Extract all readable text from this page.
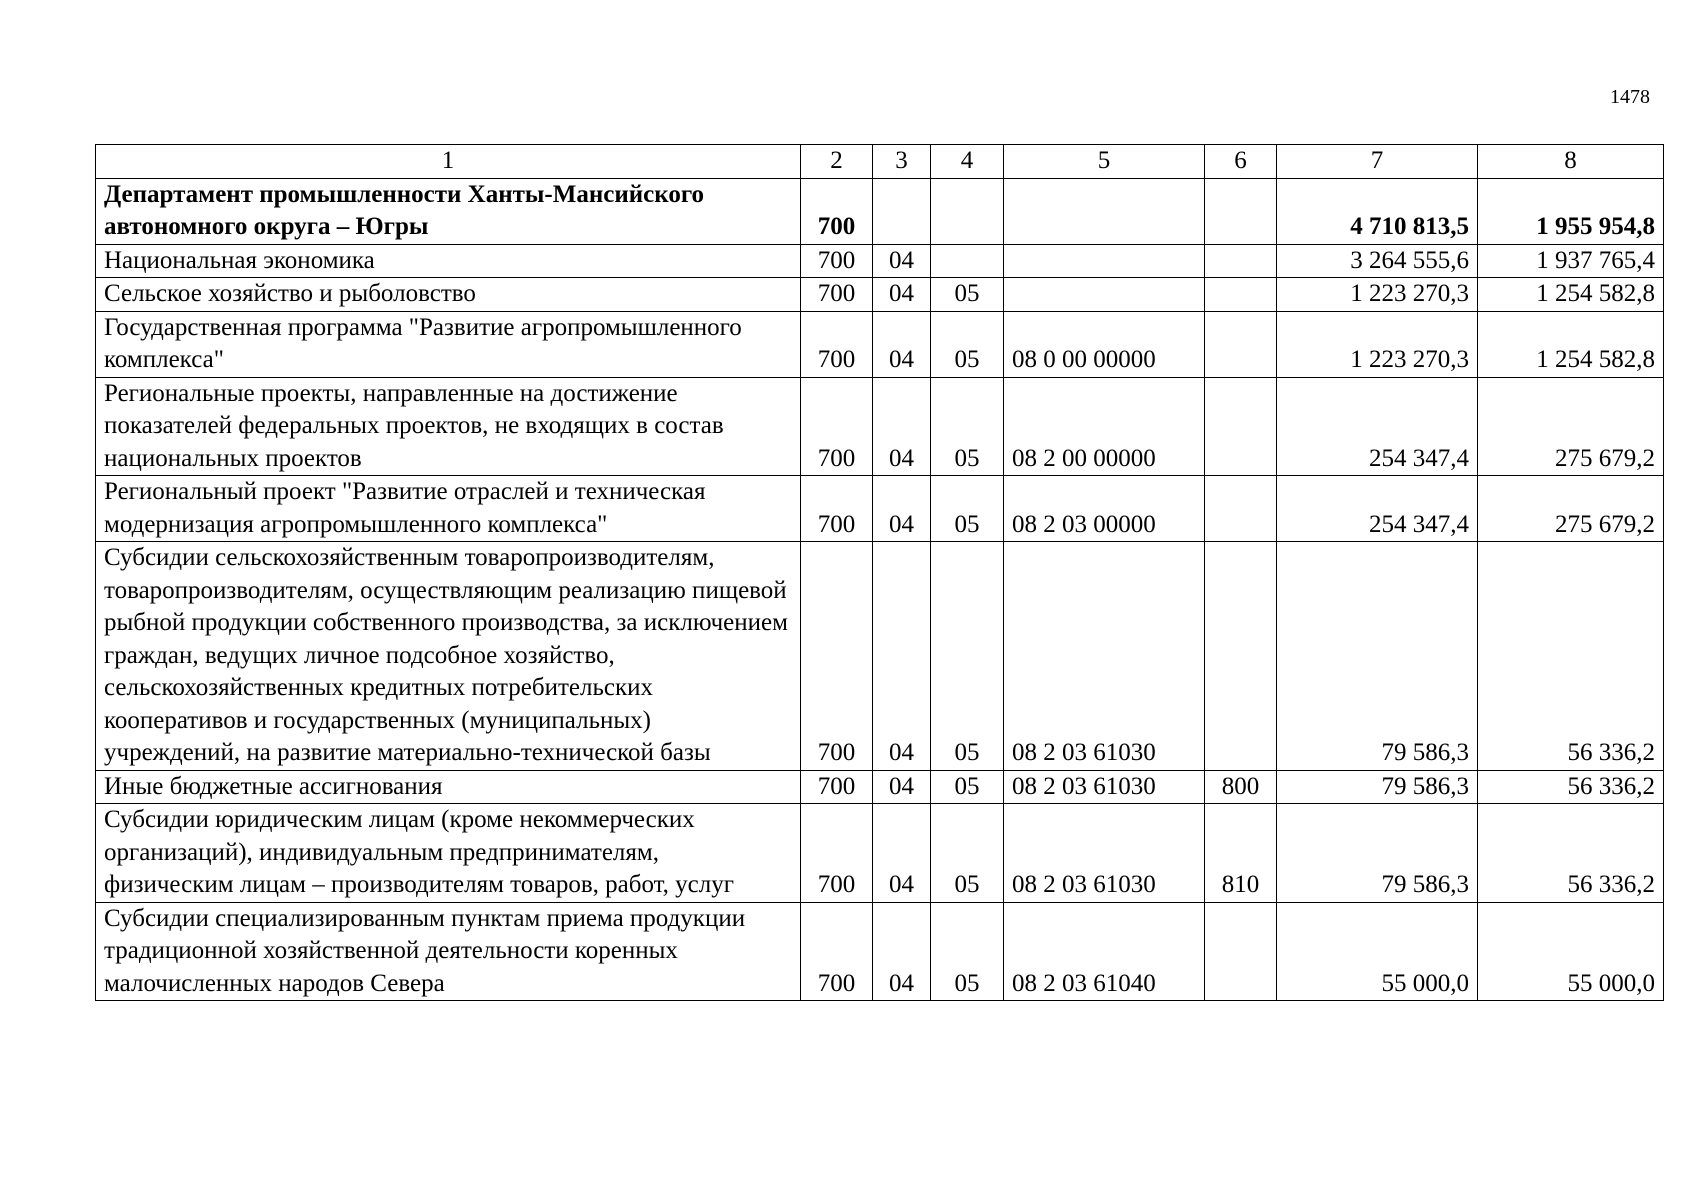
1478
1	2	3	4	5	6	7	8
Департамент промышленности Ханты-Мансийского автономного округа – Югры	700					4 710 813,5	1 955 954,8
Национальная экономика	700	04				3 264 555,6	1 937 765,4
Сельское хозяйство и рыболовство	700	04	05			1 223 270,3	1 254 582,8
Государственная программа "Развитие агропромышленного комплекса"	700	04	05	08 0 00 00000		1 223 270,3	1 254 582,8
Региональные проекты, направленные на достижение показателей федеральных проектов, не входящих в состав национальных проектов	700	04	05	08 2 00 00000		254 347,4	275 679,2
Региональный проект "Развитие отраслей и техническая модернизация агропромышленного комплекса"	700	04	05	08 2 03 00000		254 347,4	275 679,2
Субсидии сельскохозяйственным товаропроизводителям, товаропроизводителям, осуществляющим реализацию пищевой рыбной продукции собственного производства, за исключением граждан, ведущих личное подсобное хозяйство, сельскохозяйственных кредитных потребительских кооперативов и государственных (муниципальных) учреждений, на развитие материально-технической базы	700	04	05	08 2 03 61030		79 586,3	56 336,2
Иные бюджетные ассигнования	700	04	05	08 2 03 61030	800	79 586,3	56 336,2
Субсидии юридическим лицам (кроме некоммерческих организаций), индивидуальным предпринимателям, физическим лицам – производителям товаров, работ, услуг	700	04	05	08 2 03 61030	810	79 586,3	56 336,2
Субсидии специализированным пунктам приема продукции традиционной хозяйственной деятельности коренных малочисленных народов Севера	700	04	05	08 2 03 61040		55 000,0	55 000,0
